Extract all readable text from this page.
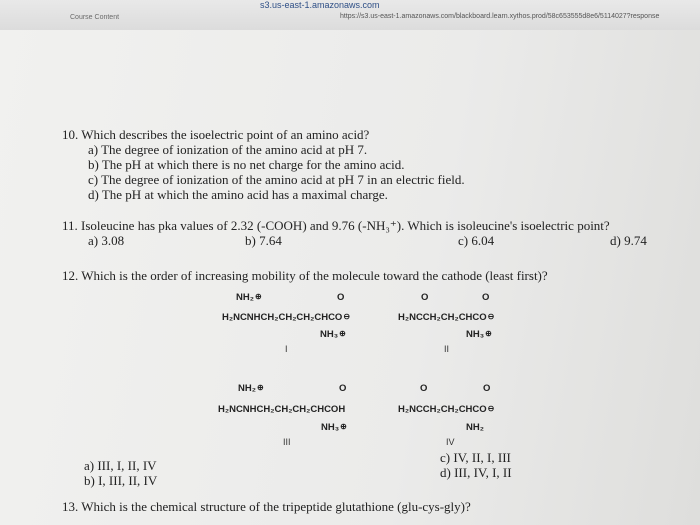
s3.us-east-1.amazonaws.com
Course Content	https://s3.us-east-1.amazonaws.com/blackboard.learn.xythos.prod/58c653555d8e6/5114027?response
10. Which describes the isoelectric point of an amino acid?
a) The degree of ionization of the amino acid at pH 7.
b) The pH at which there is no net charge for the amino acid.
c) The degree of ionization of the amino acid at pH 7 in an electric field.
d) The pH at which the amino acid has a maximal charge.
11. Isoleucine has pka values of 2.32 (-COOH) and 9.76 (-NH₃⁺). Which is isoleucine's isoelectric point?
a) 3.08	b) 7.64	c) 6.04	d) 9.74
12. Which is the order of increasing mobility of the molecule toward the cathode (least first)?
NH₂⊕	O
H₂NCNHCH₂CH₂CH₂CHCO⊖
NH₃⊕
I
O	O
H₂NCCH₂CH₂CHCO⊖
NH₃⊕
II
NH₂⊕	O
H₂NCNHCH₂CH₂CH₂CHCOH
NH₃⊕
III
O	O
H₂NCCH₂CH₂CHCO⊖
NH₂
IV
a) III, I, II, IV
b) I, III, II, IV
c) IV, II, I, III
d) III, IV, I, II
13. Which is the chemical structure of the tripeptide glutathione (glu-cys-gly)?
